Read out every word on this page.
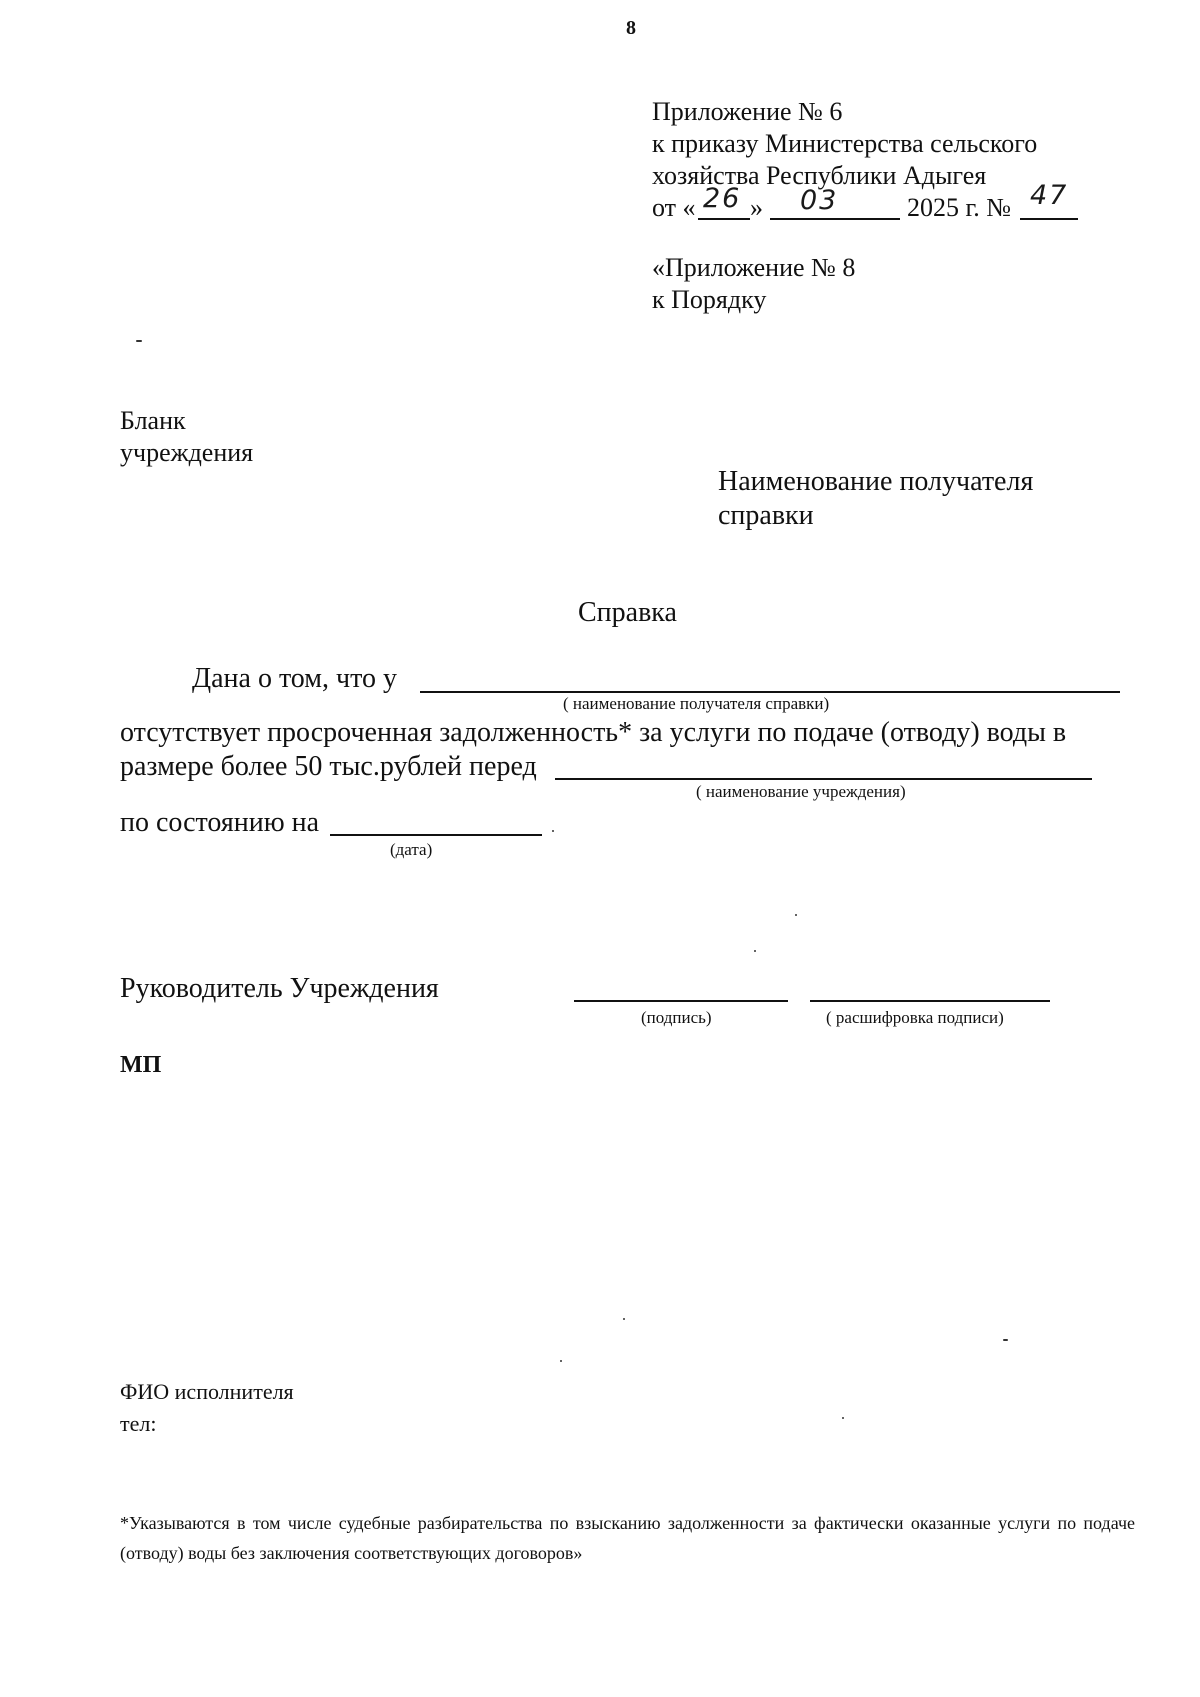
8
Приложение № 6
к приказу Министерства сельского
хозяйства Республики Адыгея
от « 26 » 03	2025 г. № 47
«Приложение № 8
к Порядку
Бланк
учреждения
Наименование получателя
справки
Справка
Дана о том, что у
( наименование получателя справки)
отсутствует просроченная задолженность* за услуги по подаче (отводу) воды в
размере более 50 тыс.рублей перед
( наименование учреждения)
по состоянию на
(дата)
Руководитель Учреждения
(подпись)	( расшифровка подписи)
МП
ФИО исполнителя
тел:
*Указываются в том числе судебные разбирательства по взысканию задолженности за фактически оказанные услуги по подаче (отводу) воды без заключения соответствующих договоров»
